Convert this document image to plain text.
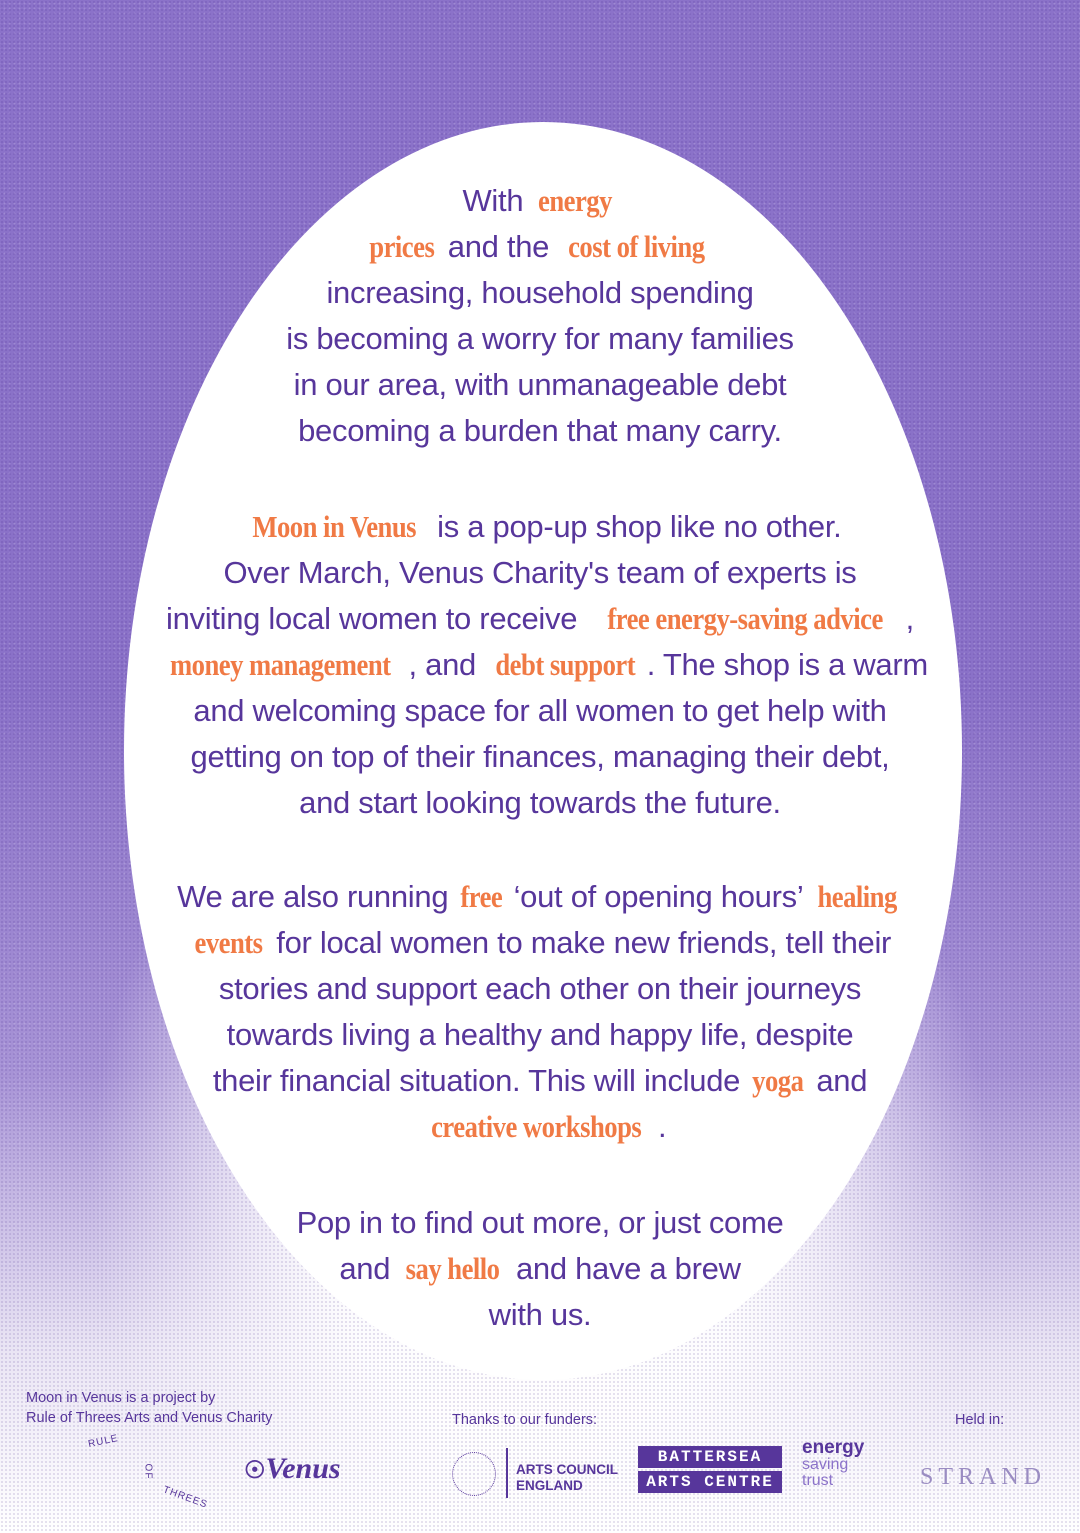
With energy
prices and the cost of living
increasing, household spending
is becoming a worry for many families
in our area, with unmanageable debt
becoming a burden that many carry.
Moon in Venus is a pop-up shop like no other.
Over March, Venus Charity's team of experts is
inviting local women to receive free energy-saving advice ,
money management , and debt support . The shop is a warm
and welcoming space for all women to get help with
getting on top of their finances, managing their debt,
and start looking towards the future.
We are also running free ‘out of opening hours’ healing
events for local women to make new friends, tell their
stories and support each other on their journeys
towards living a healthy and happy life, despite
their financial situation. This will include yoga and
creative workshops .
Pop in to find out more, or just come
and say hello and have a brew
with us.
Moon in Venus is a project by
Rule of Threes Arts and Venus Charity	Thanks to our funders:	Held in:
RULE
OF
THREES
☉Venus	ARTS COUNCIL
ENGLAND
BATTERSEA
ARTS CENTRE
energy
saving
trust	STRAND
